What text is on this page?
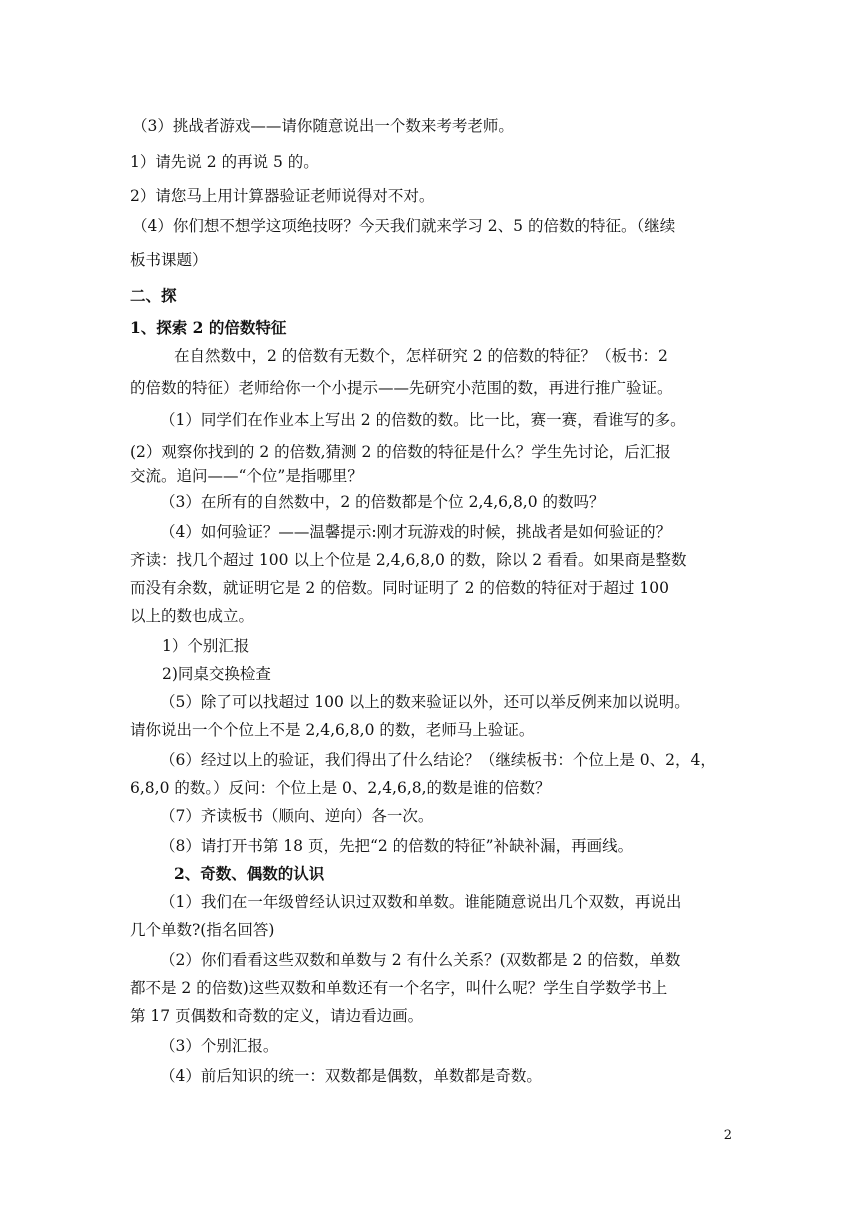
（3）挑战者游戏——请你随意说出一个数来考考老师。
1）请先说 2 的再说 5 的。
2）请您马上用计算器验证老师说得对不对。
（4）你们想不想学这项绝技呀？今天我们就来学习 2、5 的倍数的特征。（继续
板书课题）
二、探
1、探索 2 的倍数特征
在自然数中，2 的倍数有无数个，怎样研究 2 的倍数的特征？（板书：2
的倍数的特征）老师给你一个小提示——先研究小范围的数，再进行推广验证。
（1）同学们在作业本上写出 2 的倍数的数。比一比，赛一赛，看谁写的多。
(2）观察你找到的 2 的倍数,猜测 2 的倍数的特征是什么？学生先讨论，后汇报
交流。追问——“个位”是指哪里？
（3）在所有的自然数中，2 的倍数都是个位 2,4,6,8,0 的数吗？
（4）如何验证？——温馨提示:刚才玩游戏的时候，挑战者是如何验证的？
齐读：找几个超过 100 以上个位是 2,4,6,8,0 的数，除以 2 看看。如果商是整数
而没有余数，就证明它是 2 的倍数。同时证明了 2 的倍数的特征对于超过 100
以上的数也成立。
1）个别汇报
2)同桌交换检查
（5）除了可以找超过 100 以上的数来验证以外，还可以举反例来加以说明。
请你说出一个个位上不是 2,4,6,8,0 的数，老师马上验证。
（6）经过以上的验证，我们得出了什么结论？（继续板书：个位上是 0、2，4，
6,8,0 的数。）反问：个位上是 0、2,4,6,8,的数是谁的倍数？
（7）齐读板书（顺向、逆向）各一次。
（8）请打开书第 18 页，先把“2 的倍数的特征”补缺补漏，再画线。
2、奇数、偶数的认识
（1）我们在一年级曾经认识过双数和单数。谁能随意说出几个双数，再说出
几个单数?(指名回答)
（2）你们看看这些双数和单数与 2 有什么关系？(双数都是 2 的倍数，单数
都不是 2 的倍数)这些双数和单数还有一个名字，叫什么呢？学生自学数学书上
第 17 页偶数和奇数的定义，请边看边画。
（3）个别汇报。
（4）前后知识的统一：双数都是偶数，单数都是奇数。
2
